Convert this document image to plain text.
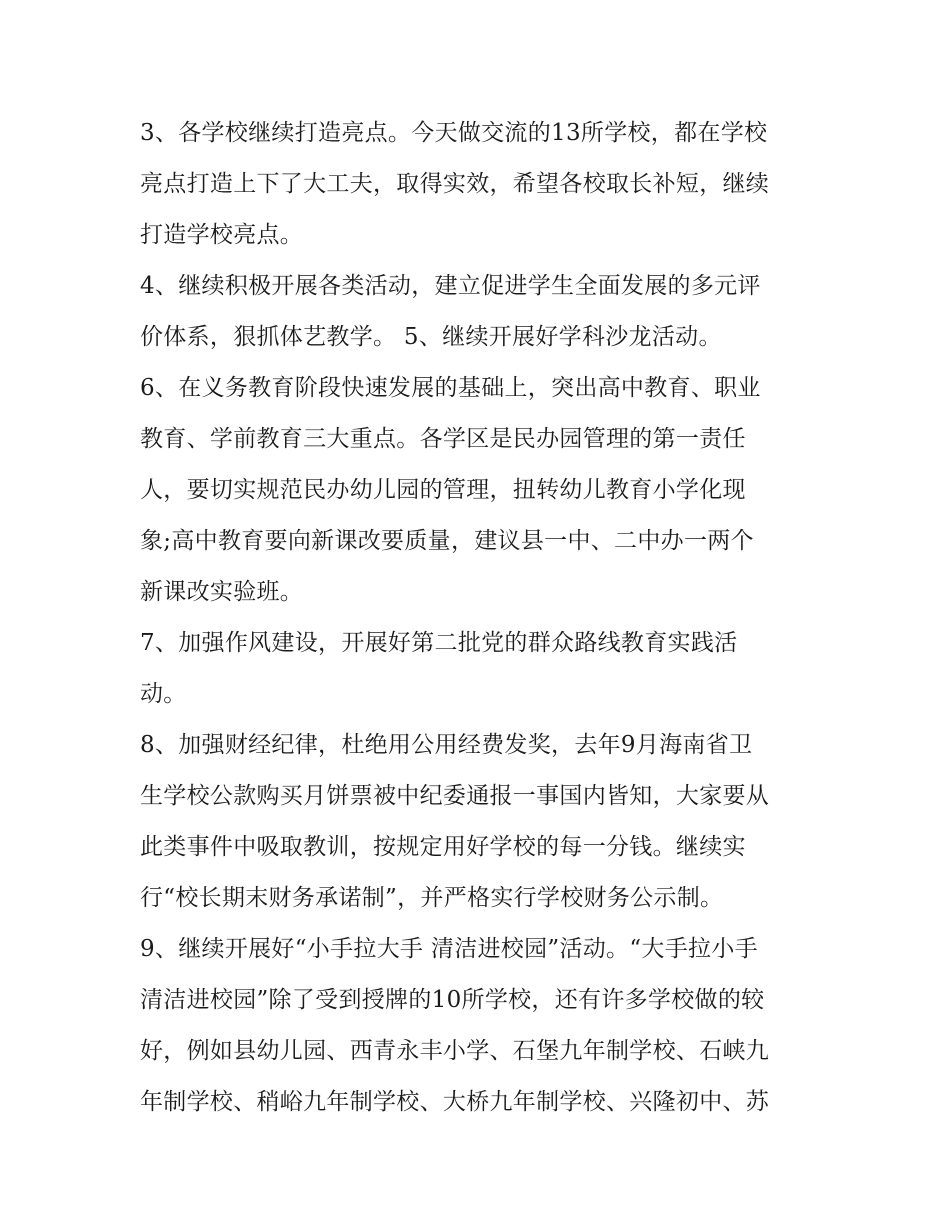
3、各学校继续打造亮点。今天做交流的13所学校，都在学校
亮点打造上下了大工夫，取得实效，希望各校取长补短，继续
打造学校亮点。
4、继续积极开展各类活动，建立促进学生全面发展的多元评
价体系，狠抓体艺教学。 5、继续开展好学科沙龙活动。
6、在义务教育阶段快速发展的基础上，突出高中教育、职业
教育、学前教育三大重点。各学区是民办园管理的第一责任
人，要切实规范民办幼儿园的管理，扭转幼儿教育小学化现
象;高中教育要向新课改要质量，建议县一中、二中办一两个
新课改实验班。
7、加强作风建设，开展好第二批党的群众路线教育实践活
动。
8、加强财经纪律，杜绝用公用经费发奖，去年9月海南省卫
生学校公款购买月饼票被中纪委通报一事国内皆知，大家要从
此类事件中吸取教训，按规定用好学校的每一分钱。继续实
行“校长期末财务承诺制”，并严格实行学校财务公示制。
9、继续开展好“小手拉大手 清洁进校园”活动。“大手拉小手
清洁进校园”除了受到授牌的10所学校，还有许多学校做的较
好，例如县幼儿园、西青永丰小学、石堡九年制学校、石峡九
年制学校、稍峪九年制学校、大桥九年制学校、兴隆初中、苏
